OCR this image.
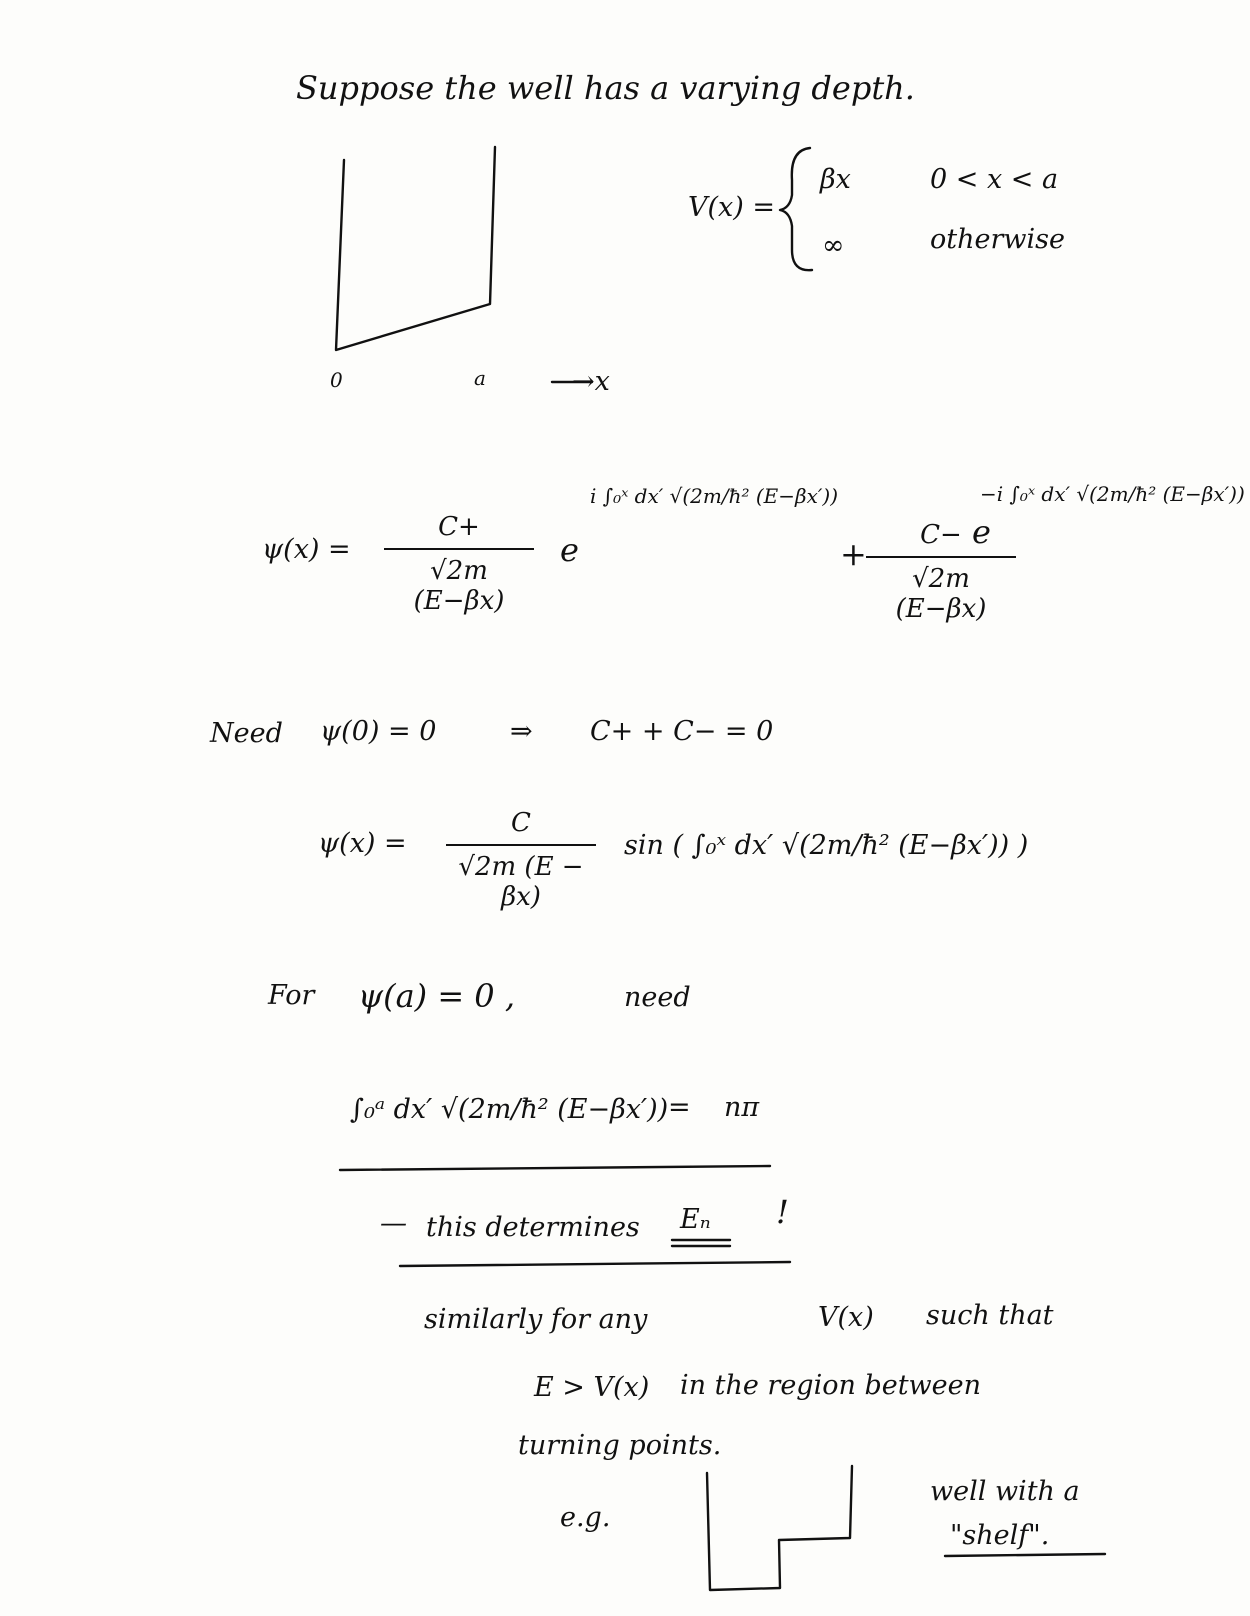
Suppose the well has a varying depth.
V(x) =
βx	0 < x < a
∞	otherwise
0	a	→x
ψ(x) =
C+
√2m (E−βx)
e
i ∫₀ˣ dx′ √(2m/ħ² (E−βx′))
+	C−
√2m (E−βx)
e
−i ∫₀ˣ dx′ √(2m/ħ² (E−βx′))
Need ψ(0) = 0	⇒ C+ + C− = 0
ψ(x) =
C
√2m (E − βx)
sin ( ∫₀ˣ dx′ √(2m/ħ² (E−βx′)) )
For ψ(a) = 0 ,	need
∫₀ᵃ dx′ √(2m/ħ² (E−βx′)) = nπ
— this determines Eₙ !
similarly for any	V(x) such that
E > V(x) in the region between
turning points.
e.g.
well with a
"shelf".
